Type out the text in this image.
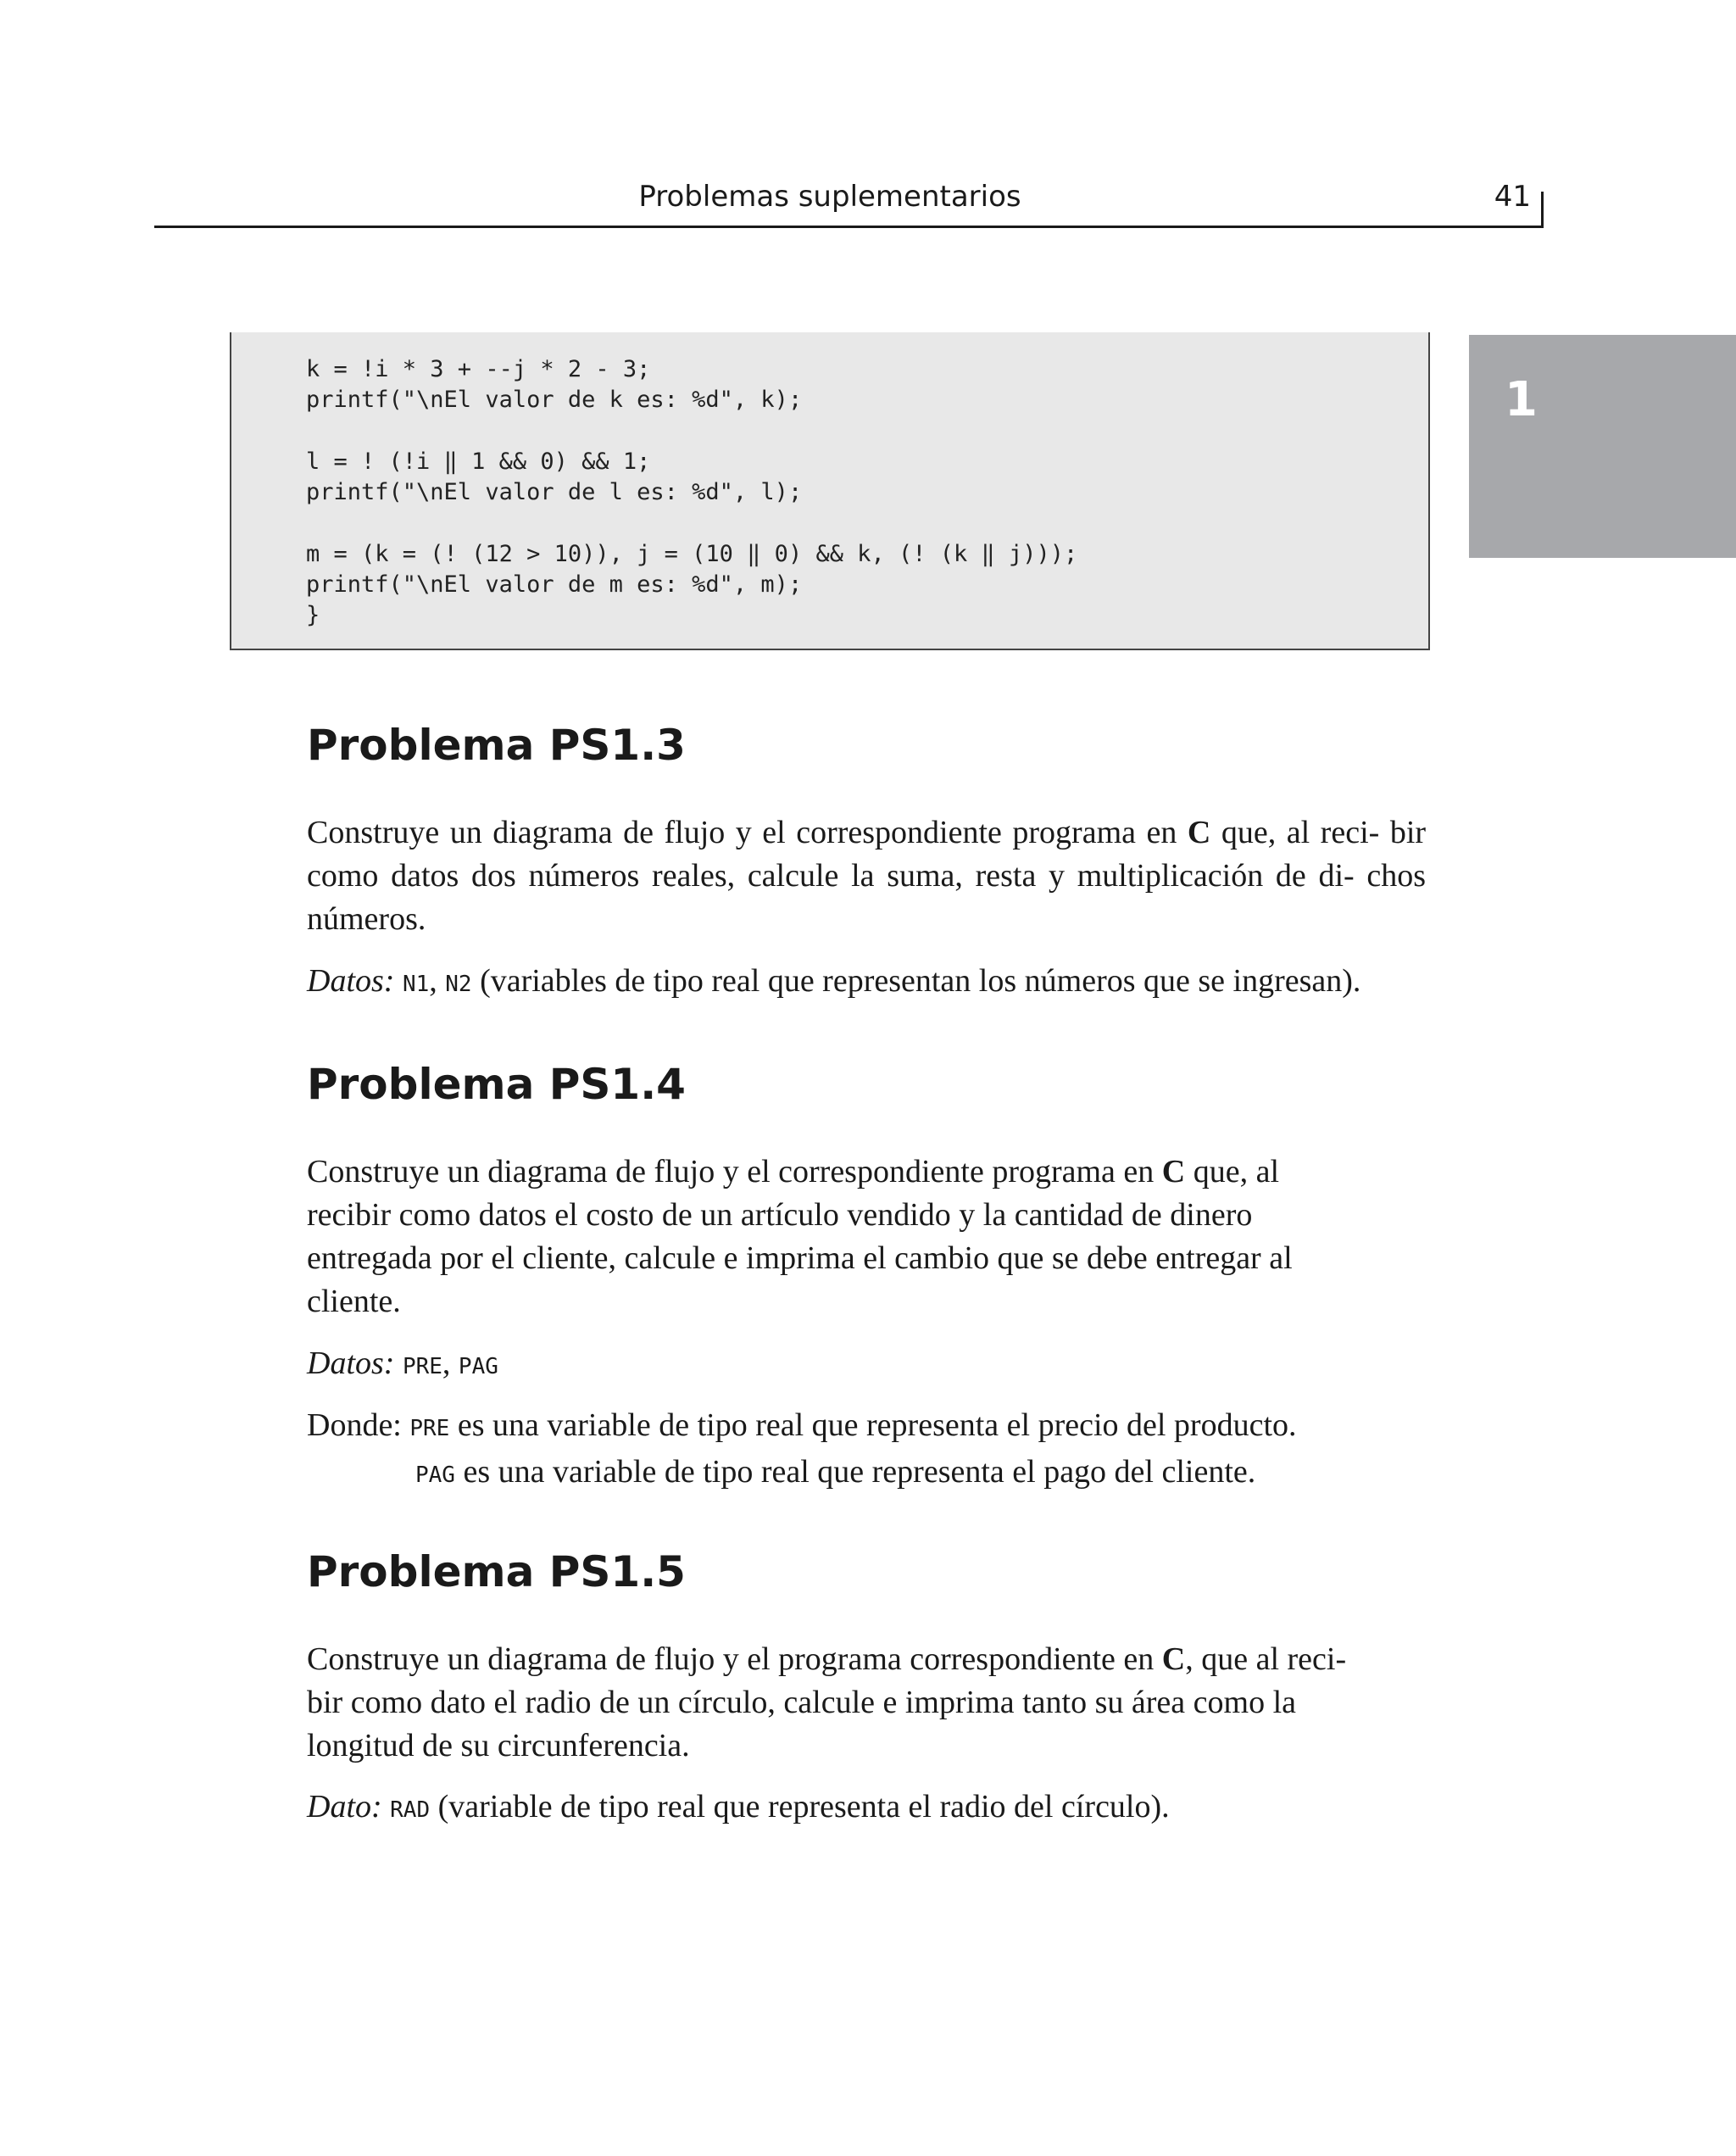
Problemas suplementarios	41
1
k = !i * 3 + --j * 2 - 3;
printf("\nEl valor de k es: %d", k);
l = ! (!i ‖ 1 && 0) && 1;
printf("\nEl valor de l es: %d", l);
m = (k = (! (12 > 10)), j = (10 ‖ 0) && k, (! (k ‖ j)));
printf("\nEl valor de m es: %d", m);
}
Problema PS1.3

Construye un diagrama de flujo y el correspondiente programa en C que, al reci- bir como datos dos números reales, calcule la suma, resta y multiplicación de di- chos números.

Datos: N1, N2 (variables de tipo real que representan los números que se ingresan).

Problema PS1.4

Construye un diagrama de flujo y el correspondiente programa en C que, al
recibir como datos el costo de un artículo vendido y la cantidad de dinero
entregada por el cliente, calcule e imprima el cambio que se debe entregar al
cliente.

Datos: PRE, PAG

Donde: PRE es una variable de tipo real que representa el precio del producto.

PAG es una variable de tipo real que representa el pago del cliente.

Problema PS1.5

Construye un diagrama de flujo y el programa correspondiente en C, que al reci-
bir como dato el radio de un círculo, calcule e imprima tanto su área como la
longitud de su circunferencia.

Dato: RAD (variable de tipo real que representa el radio del círculo).
